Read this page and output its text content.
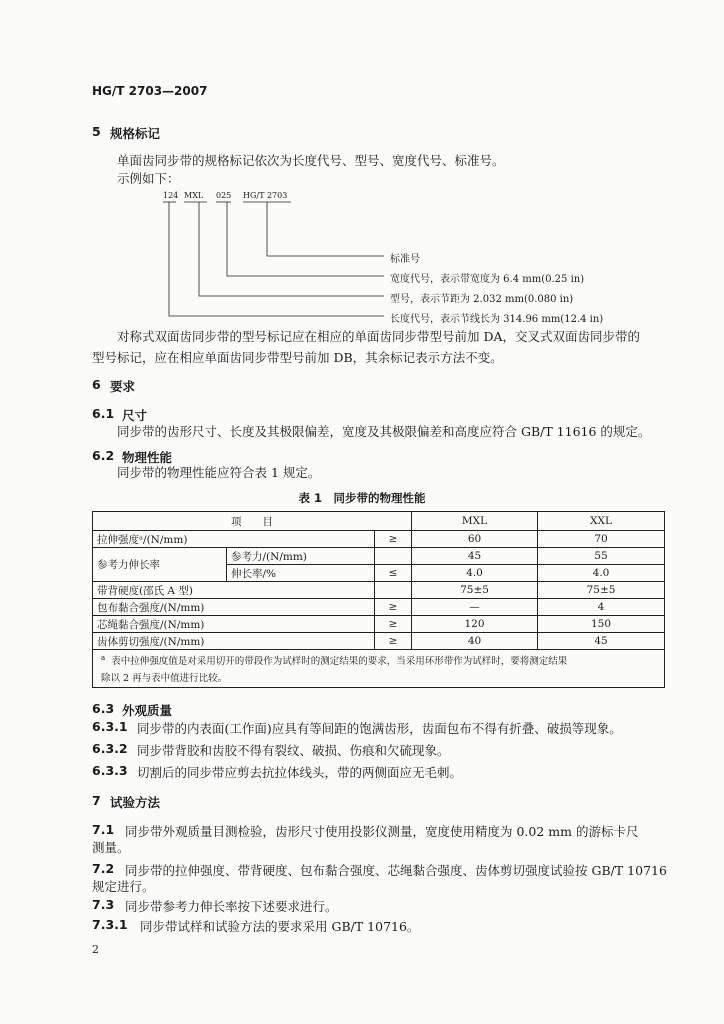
HG/T 2703—2007
5 规格标记
单面齿同步带的规格标记依次为长度代号、型号、宽度代号、标准号。
示例如下：
124 MXL 025 HG/T 2703
标准号
宽度代号，表示带宽度为 6.4 mm(0.25 in)
型号，表示节距为 2.032 mm(0.080 in)
长度代号，表示节线长为 314.96 mm(12.4 in)
对称式双面齿同步带的型号标记应在相应的单面齿同步带型号前加 DA，交叉式双面齿同步带的
型号标记，应在相应单面齿同步带型号前加 DB，其余标记表示方法不变。
6 要求
6.1 尺寸
同步带的齿形尺寸、长度及其极限偏差，宽度及其极限偏差和高度应符合 GB/T 11616 的规定。
6.2 物理性能
同步带的物理性能应符合表 1 规定。
表 1　同步带的物理性能
项　　目			MXL	XXL
拉伸强度ᵃ/(N/mm)		≥	60	70
参考力伸长率	参考力/(N/mm)		45	55
	伸长率/%	≤	4.0	4.0
带背硬度(邵氏 A 型)			75±5	75±5
包布黏合强度/(N/mm)		≥	—	4
芯绳黏合强度/(N/mm)		≥	120	150
齿体剪切强度/(N/mm)		≥	40	45
$^a$ 表中拉伸强度值是对采用切开的带段作为试样时的测定结果的要求，当采用环形带作为试样时，要将测定结果
除以 2 再与表中值进行比较。				
6.3 外观质量
6.3.1 同步带的内表面(工作面)应具有等间距的饱满齿形，齿面包布不得有折叠、破损等现象。
6.3.2 同步带背胶和齿胶不得有裂纹、破损、伤痕和欠硫现象。
6.3.3 切割后的同步带应剪去抗拉体线头，带的两侧面应无毛刺。
7 试验方法
7.1 同步带外观质量目测检验，齿形尺寸使用投影仪测量，宽度使用精度为 0.02 mm 的游标卡尺
测量。
7.2 同步带的拉伸强度、带背硬度、包布黏合强度、芯绳黏合强度、齿体剪切强度试验按 GB/T 10716
规定进行。
7.3 同步带参考力伸长率按下述要求进行。
7.3.1 同步带试样和试验方法的要求采用 GB/T 10716。
2
